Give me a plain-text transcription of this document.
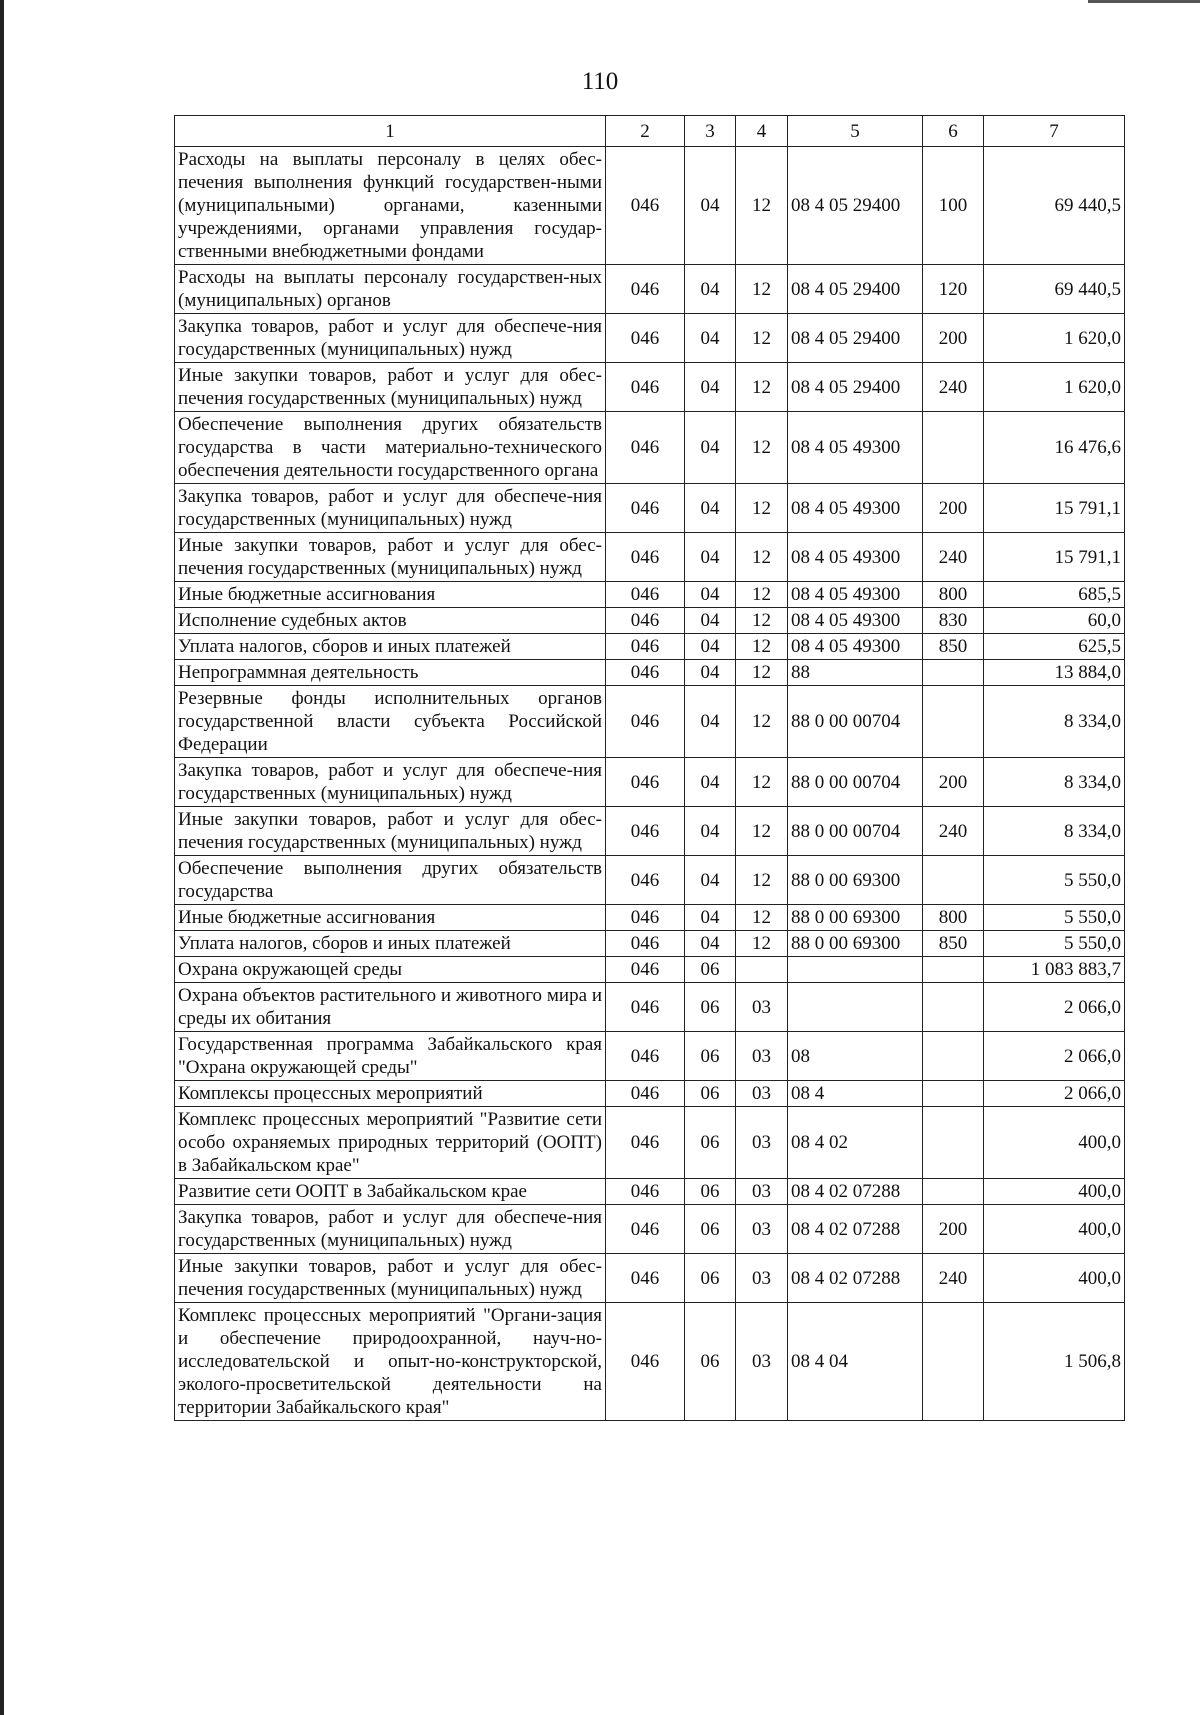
110
1	2	3	4	5	6	7
Расходы на выплаты персоналу в целях обес-печения выполнения функций государствен-ными (муниципальными) органами, казенными учреждениями, органами управления государ-ственными внебюджетными фондами	046	04	12	08 4 05 29400	100	69 440,5
Расходы на выплаты персоналу государствен-ных (муниципальных) органов	046	04	12	08 4 05 29400	120	69 440,5
Закупка товаров, работ и услуг для обеспече-ния государственных (муниципальных) нужд	046	04	12	08 4 05 29400	200	1 620,0
Иные закупки товаров, работ и услуг для обес-печения государственных (муниципальных) нужд	046	04	12	08 4 05 29400	240	1 620,0
Обеспечение выполнения других обязательств государства в части материально-технического обеспечения деятельности государственного органа	046	04	12	08 4 05 49300		16 476,6
Закупка товаров, работ и услуг для обеспече-ния государственных (муниципальных) нужд	046	04	12	08 4 05 49300	200	15 791,1
Иные закупки товаров, работ и услуг для обес-печения государственных (муниципальных) нужд	046	04	12	08 4 05 49300	240	15 791,1
Иные бюджетные ассигнования	046	04	12	08 4 05 49300	800	685,5
Исполнение судебных актов	046	04	12	08 4 05 49300	830	60,0
Уплата налогов, сборов и иных платежей	046	04	12	08 4 05 49300	850	625,5
Непрограммная деятельность	046	04	12	88		13 884,0
Резервные фонды исполнительных органов государственной власти субъекта Российской Федерации	046	04	12	88 0 00 00704		8 334,0
Закупка товаров, работ и услуг для обеспече-ния государственных (муниципальных) нужд	046	04	12	88 0 00 00704	200	8 334,0
Иные закупки товаров, работ и услуг для обес-печения государственных (муниципальных) нужд	046	04	12	88 0 00 00704	240	8 334,0
Обеспечение выполнения других обязательств государства	046	04	12	88 0 00 69300		5 550,0
Иные бюджетные ассигнования	046	04	12	88 0 00 69300	800	5 550,0
Уплата налогов, сборов и иных платежей	046	04	12	88 0 00 69300	850	5 550,0
Охрана окружающей среды	046	06				1 083 883,7
Охрана объектов растительного и животного мира и среды их обитания	046	06	03			2 066,0
Государственная программа Забайкальского края "Охрана окружающей среды"	046	06	03	08		2 066,0
Комплексы процессных мероприятий	046	06	03	08 4		2 066,0
Комплекс процессных мероприятий "Развитие сети особо охраняемых природных территорий (ООПТ) в Забайкальском крае"	046	06	03	08 4 02		400,0
Развитие сети ООПТ в Забайкальском крае	046	06	03	08 4 02 07288		400,0
Закупка товаров, работ и услуг для обеспече-ния государственных (муниципальных) нужд	046	06	03	08 4 02 07288	200	400,0
Иные закупки товаров, работ и услуг для обес-печения государственных (муниципальных) нужд	046	06	03	08 4 02 07288	240	400,0
Комплекс процессных мероприятий "Органи-зация и обеспечение природоохранной, науч-но-исследовательской и опыт-но-конструкторской, эколого-просветительской деятельности на территории Забайкальского края"	046	06	03	08 4 04		1 506,8
